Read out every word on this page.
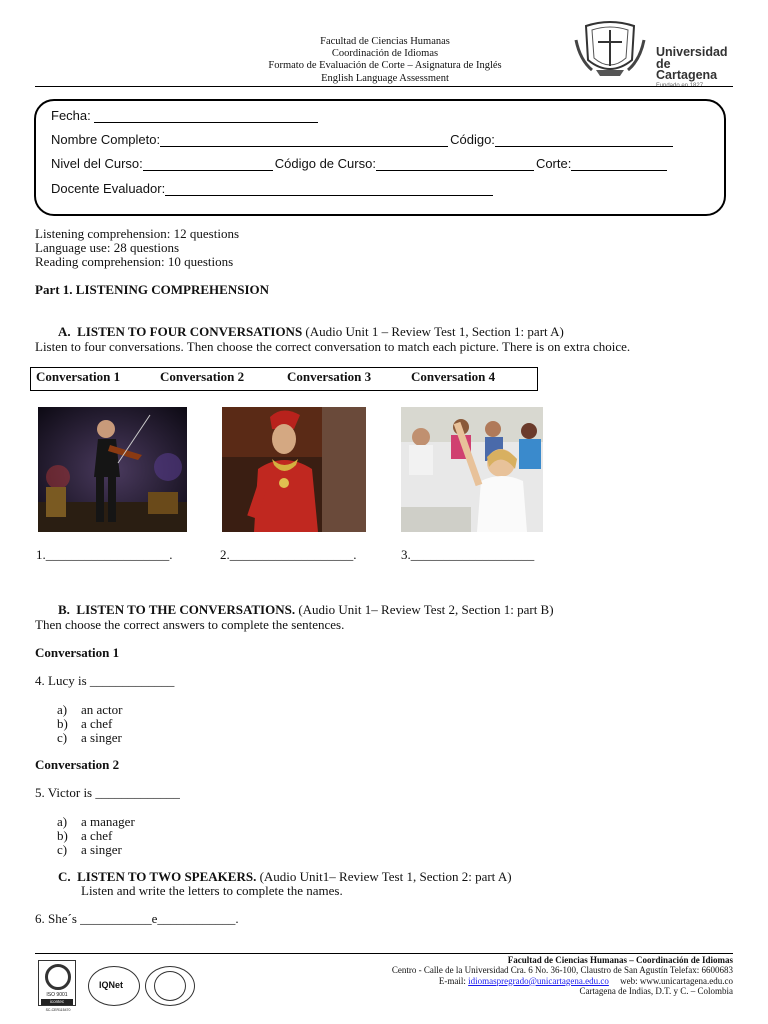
Facultad de Ciencias Humanas
Coordinación de Idiomas
Formato de Evaluación de Corte – Asignatura de Inglés
English Language Assessment
Universidad
de Cartagena
Fecha:
Nombre Completo:	Código:
Nivel del Curso:	Código de Curso:	Corte:
Docente Evaluador:
Listening comprehension: 12 questions
Language use: 28 questions
Reading comprehension: 10 questions
Part 1. LISTENING COMPREHENSION
A. LISTEN TO FOUR CONVERSATIONS (Audio Unit 1 – Review Test 1, Section 1: part A)
Listen to four conversations. Then choose the correct conversation to match each picture. There is on extra choice.
Conversation 1	Conversation 2	Conversation 3	Conversation 4
1.___________________.	2.___________________.	3.___________________
B. LISTEN TO THE CONVERSATIONS. (Audio Unit 1– Review Test 2, Section 1: part B)
Then choose the correct answers to complete the sentences.
Conversation 1
4. Lucy is _____________
a) an actor
b) a chef
c) a singer
Conversation 2
5. Victor is _____________
a) a manager
b) a chef
c) a singer
C. LISTEN TO TWO SPEAKERS. (Audio Unit1– Review Test 1, Section 2: part A)
Listen and write the letters to complete the names.
6. She´s ___________e____________.
ISO 9001
icontec
SC-CER115470
IQNet
Facultad de Ciencias Humanas – Coordinación de Idiomas
Centro - Calle de la Universidad Cra. 6 No. 36-100, Claustro de San Agustín Telefax: 6600683
E-mail: idiomaspregrado@unicartagena.edu.co     web: www.unicartagena.edu.co
Cartagena de Indias, D.T. y C. – Colombia
